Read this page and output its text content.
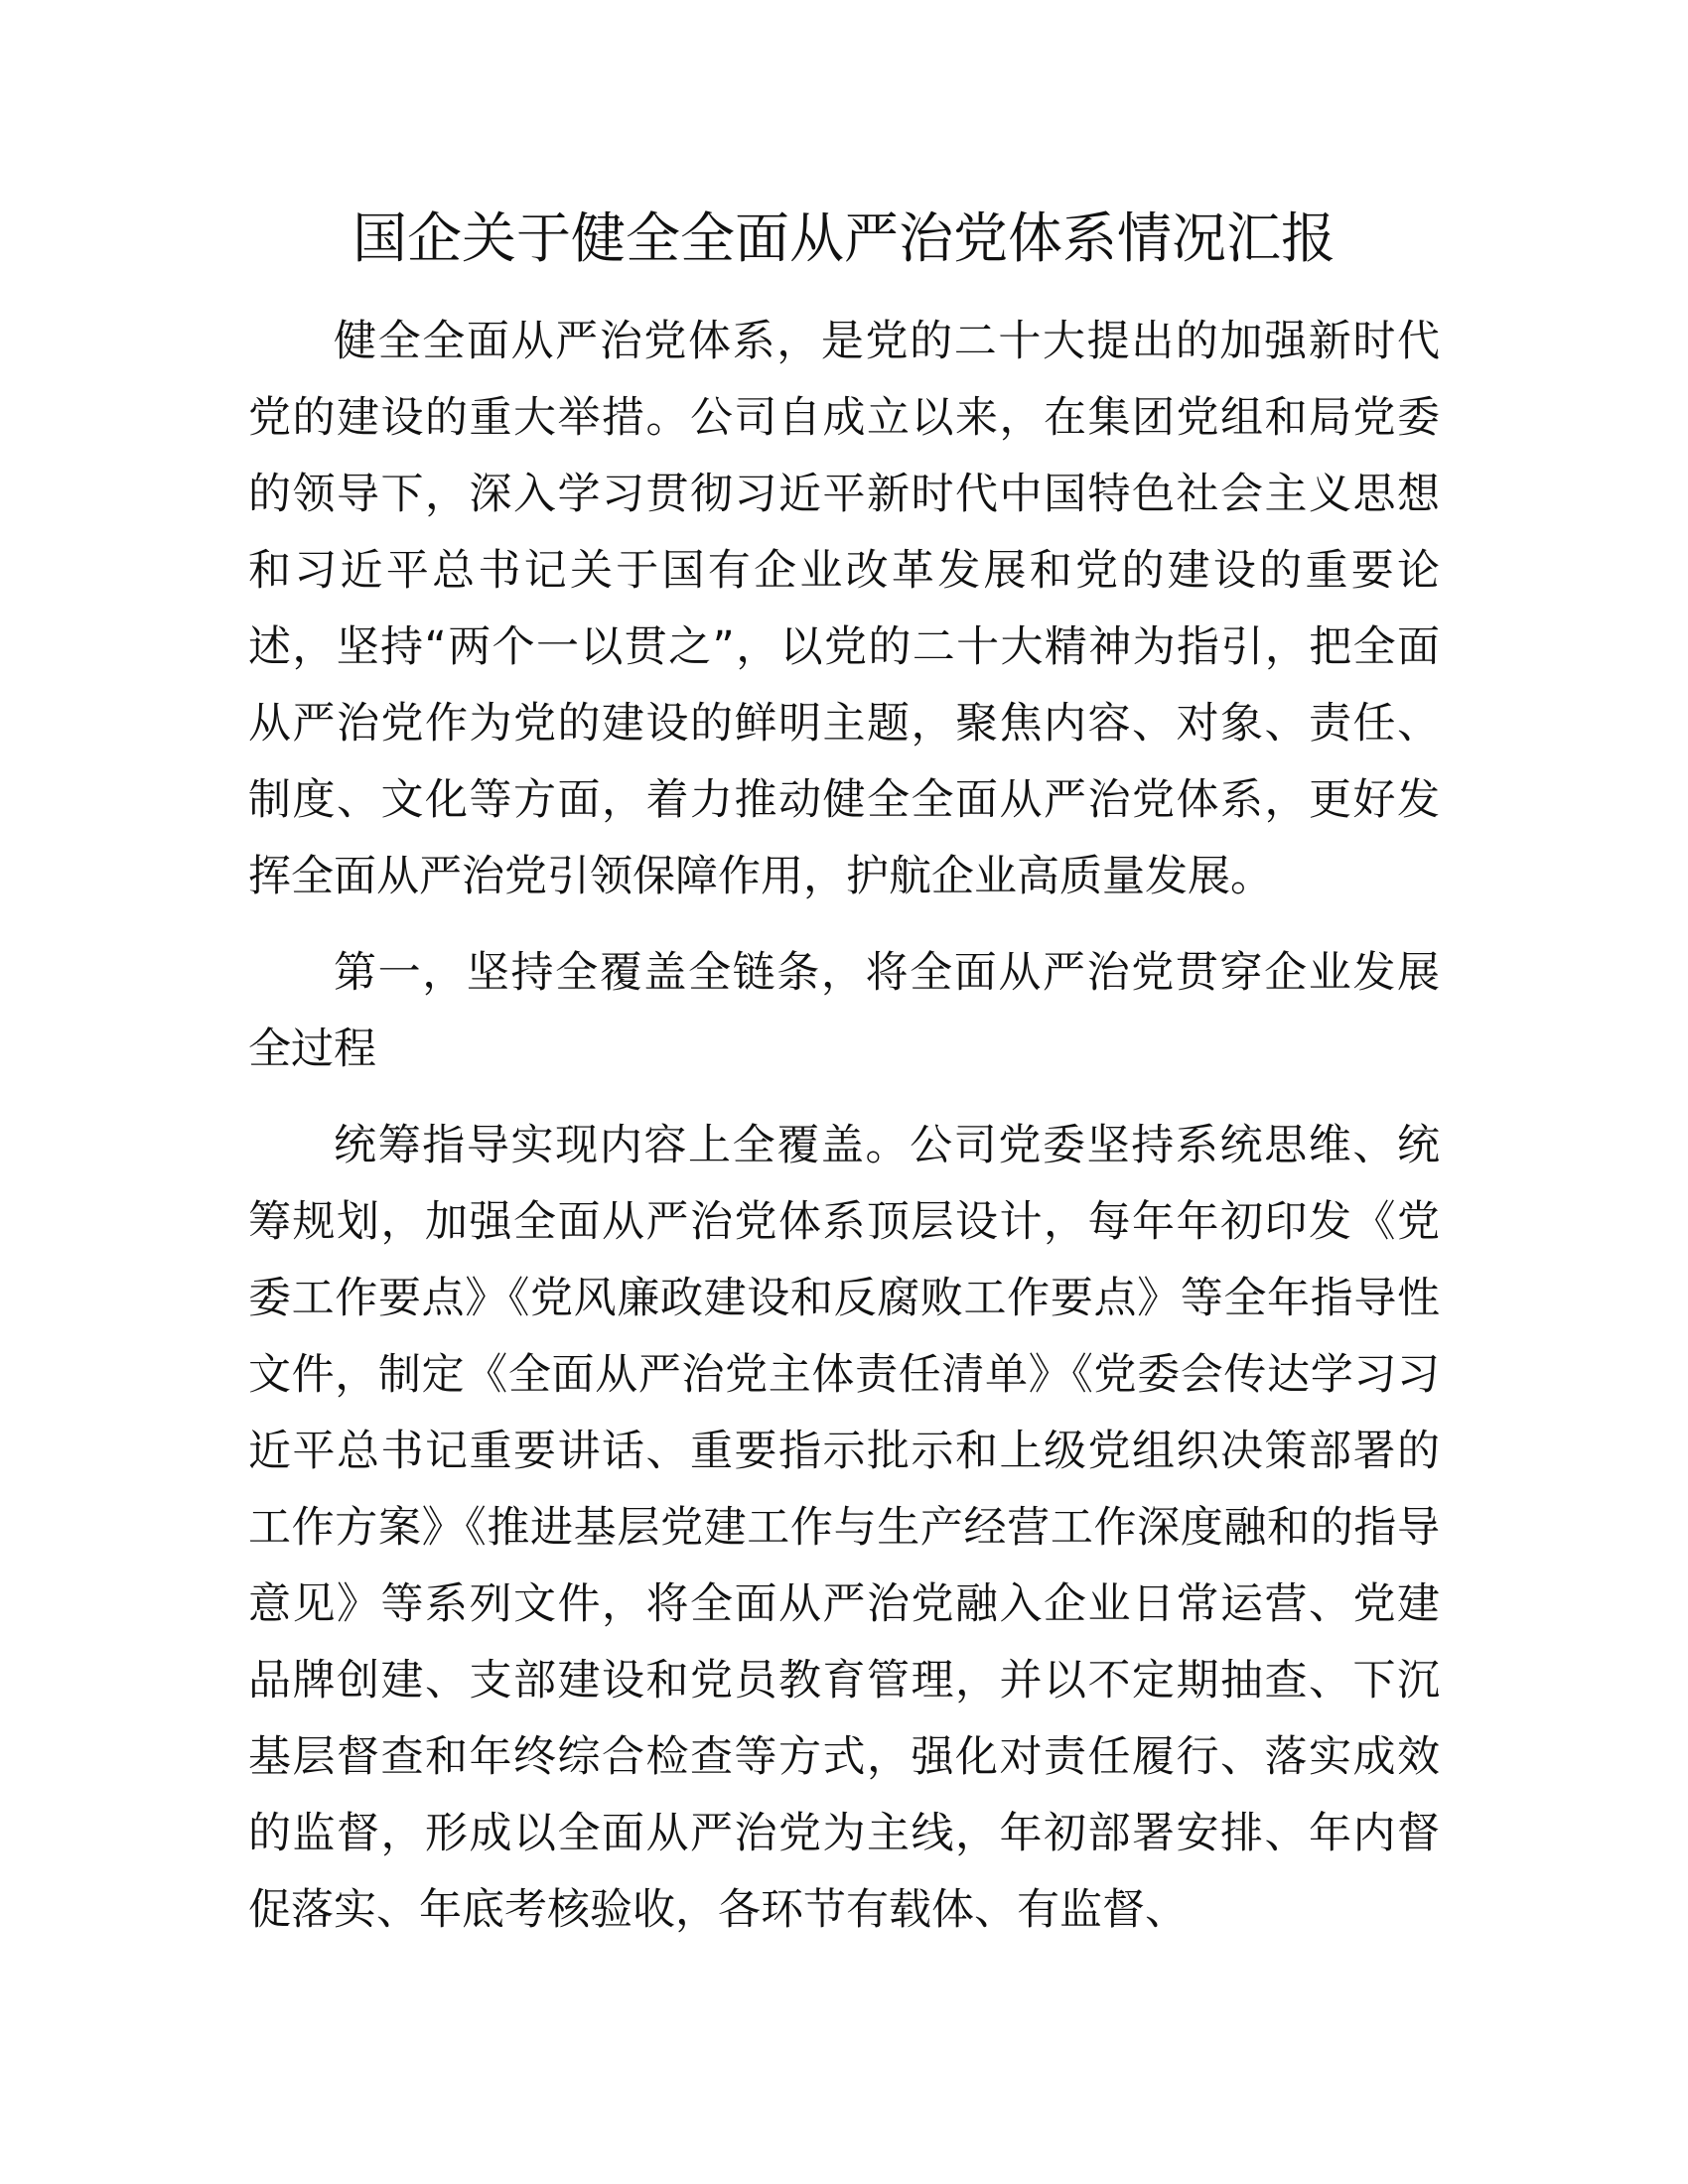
国企关于健全全面从严治党体系情况汇报

健全全面从严治党体系，是党的二十大提出的加强新时代党的建设的重大举措。公司自成立以来，在集团党组和局党委的领导下，深入学习贯彻习近平新时代中国特色社会主义思想和习近平总书记关于国有企业改革发展和党的建设的重要论述，坚持“两个一以贯之”，以党的二十大精神为指引，把全面从严治党作为党的建设的鲜明主题，聚焦内容、对象、责任、制度、文化等方面，着力推动健全全面从严治党体系，更好发挥全面从严治党引领保障作用，护航企业高质量发展。

第一，坚持全覆盖全链条，将全面从严治党贯穿企业发展全过程

统筹指导实现内容上全覆盖。公司党委坚持系统思维、统筹规划，加强全面从严治党体系顶层设计，每年年初印发《党委工作要点》《党风廉政建设和反腐败工作要点》等全年指导性文件，制定《全面从严治党主体责任清单》《党委会传达学习习近平总书记重要讲话、重要指示批示和上级党组织决策部署的工作方案》《推进基层党建工作与生产经营工作深度融和的指导意见》等系列文件，将全面从严治党融入企业日常运营、党建品牌创建、支部建设和党员教育管理，并以不定期抽查、下沉基层督查和年终综合检查等方式，强化对责任履行、落实成效的监督，形成以全面从严治党为主线，年初部署安排、年内督促落实、年底考核验收，各环节有载体、有监督、
